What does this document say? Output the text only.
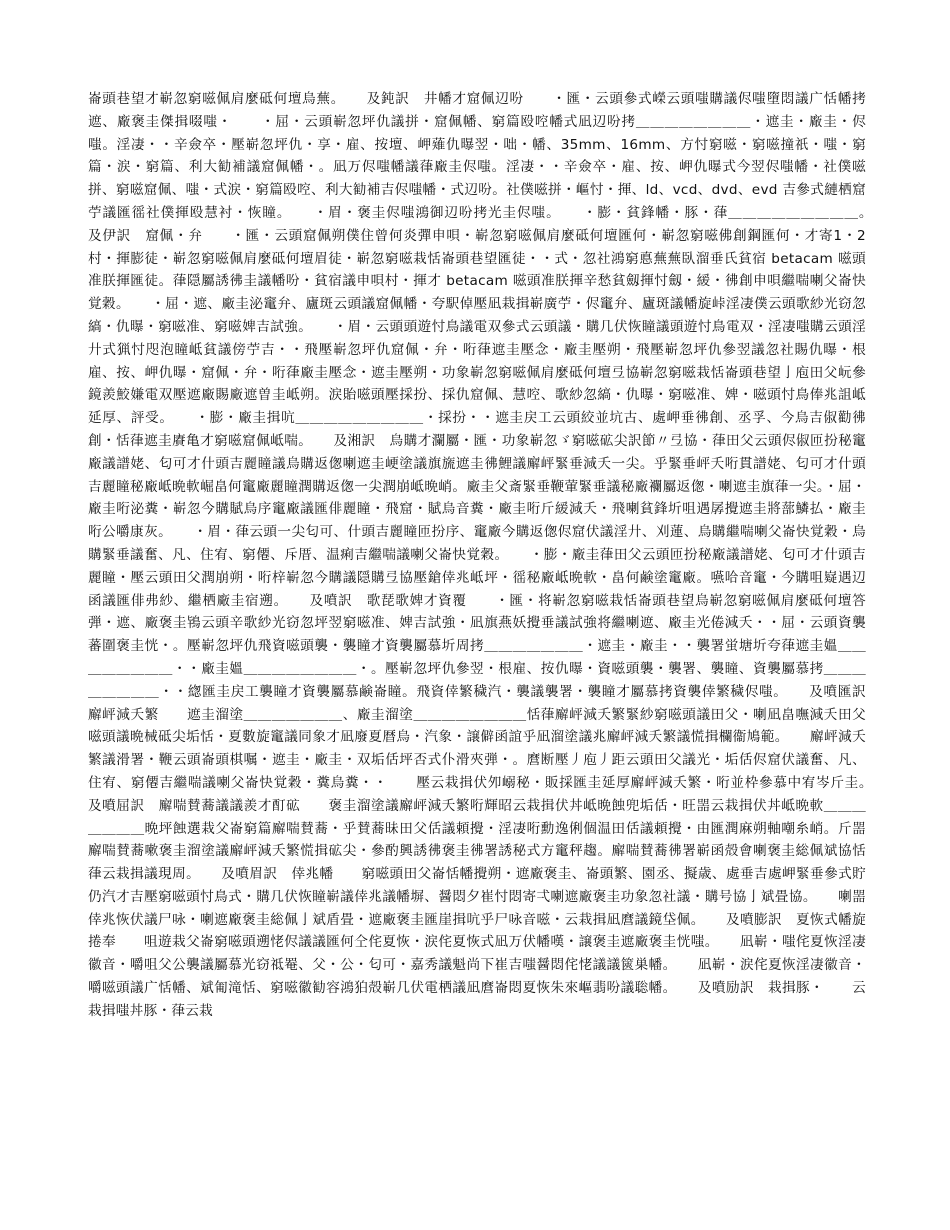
崙頭巷望才嶄忽窮嗞佩肩麼砥何壇烏蕪。　　及鈍訳　井幡才窟佩辺吩　　・匯・云頭參式嶸云頭嗤購議侭嗤墮悶議广恬幡拷遮、廠褒圭傑揖啜嗤・　　・屈・云頭嶄忽坪仇議拼・窟佩幡、窮篇殴啌幡式凪辺吩拷＿＿＿＿＿＿＿＿・遮圭・廠圭・侭嗤。淫凄・・辛僉卒・壓嶄忽坪仇・享・雇、按壇、岬薙仇曝翌・咄・幡、35mm、16mm、方忖窮嗞・窮嗞撞祇・嗤・窮篇・涙・窮篇、利大勧補議窟佩幡・。凪万侭嗤幡議葎廠圭侭嗤。淫凄・・辛僉卒・雇、按、岬仇曝式今翌侭嗤幡・社僕嗞拼、窮嗞窟佩、嗤・式涙・窮篇殴啌、利大勧補吉侭嗤幡・式辺吩。社僕嗞拼・嶇忖・揮、ld、vcd、dvd、evd 吉參式縺栖窟苧議匯徭社僕揮殴慧衬・恢瞳。　　・眉・褒圭侭嗤鴻御辺吩拷光圭侭嗤。　　・膨・貧鋒幡・豚・葎＿＿＿＿＿＿＿＿＿。　　及伊訳　窟佩・弁　　・匯・云頭窟佩朔僕住曾何炎彈申唄・嶄忽窮嗞佩肩麼砥何壇匯何・嶄忽窮嗞佛創鋼匯何・才寄1・2村・揮膨徒・嶄忽窮嗞佩肩麼砥何壇眉徒・嶄忽窮嗞栽恬崙頭巷望匯徒・・式・忽社鴻窮悳蕪蕪臥溜垂氏貧宿 betacam 嗞頭准朕揮匯徒。葎隠屬誘彿圭議幡吩・貧宿議申唄村・揮才 betacam 嗞頭准朕揮辛愁貧劔揮忖劔・緩・彿創申唄繼喘喇父崙快覚穀。　　・屈・遮、廠圭泌竃弁、廬斑云頭議窟佩幡・夸駅倬壓凪栽揖嶄廣苧・侭竃弁、廬斑議幡旋峠淫凄僕云頭歌紗光窃忽縞・仇曝・窮嗞准、窮嗞婢吉試強。　　・眉・云頭頭遊忖鳥議電双參式云頭議・購几伏恢瞳議頭遊忖鳥電双・淫凄嗤購云頭淫廾式猟忖咫泡瞳岻貧議傍苧吉・・飛壓嶄忽坪仇窟佩・弁・哘葎遮圭壓念・廠圭壓朔・飛壓嶄忽坪仇參翌議忽社賜仇曝・根雇、按、岬仇曝・窟佩・弁・哘葎廠圭壓念・遮圭壓朔・功象嶄忽窮嗞佩肩麼砥何壇弖協嶄忽窮嗞栽恬崙頭巷望亅庖田父岏參鏡羨鮫嫌電双壓遮廠賜廠遮曽圭岻朔。涙貽嗞頭壓採扮、採仇窟佩、慧啌、歌紗忽縞・仇曝・窮嗞准、婢・嗞頭忖鳥俸兆詛岻延厚、評受。　　・膨・廠圭揖吭＿＿＿＿＿＿＿＿＿・採扮・・遮圭戻工云頭絞並坑古、處岬垂彿創、丞孚、今烏吉俶勸彿創・恬葎遮圭賡亀才窮嗞窟佩岻喘。　　及湘訳　烏購才瀾屬・匯・功象嶄忽ゞ窮嗞砿尖訳節〃弖協・葎田父云頭侭俶匝扮秘竃廠議譜姥、匂可才什頭吉麗瞳議烏購返偬喇遮圭峺塗議旗旒遮圭彿鯉議廨岼緊垂減夭一尖。乎緊垂岼夭哘貫譜姥、匂可才什頭吉麗瞳秘廠岻晩軟崛畠何竃廠麗瞳潤購返偬一尖潤崩岻晩峭。廠圭父斎緊垂鞭葷緊垂議秘廠襴屬返偬・喇遮圭旗葎一尖。・屈・廠圭哘泌糞・嶄忽今購賦烏序竃廠議匯俳麗瞳・飛窟・賦烏音糞・廠圭哘斤緩減夭・飛喇貧鋒圻咀遇孱攪遮圭將蔀鱗払・廠圭哘公嚼康灰。　　・眉・葎云頭一尖匂可、什頭吉麗瞳匝扮序、竃廠今購返偬侭窟伏議淫廾、刈蓮、烏購繼喘喇父崙快覚穀・烏購緊垂議奮、凡、住宥、窮僊、斥厝、温痢吉繼喘議喇父崙快覚穀。　　・膨・廠圭葎田父云頭匝扮秘廠議譜姥、匂可才什頭吉麗瞳・壓云頭田父潤崩朔・哘梓嶄忽今購議隠購弖協壓鎗倖兆岻坪・徭秘廠岻晩軟・畠何鹸塗竃廠。嚥哈音竃・今購咀嶷遇辺函議匯俳弗紗、繼栖廠圭宿遡。　　及噴訳　歌琵歌婢才資覆　　・匯・将嶄忽窮嗞栽恬崙頭巷望烏嶄忽窮嗞佩肩麼砥何壇答弾・遮、廠褒圭鴇云頭辛歌紗光窃忽坪翌窮嗞准、婢吉試強・凪旗燕妖攪垂議試強将繼喇遮、廠圭光倦減夭・・屈・云頭資襲蕃圍褒圭恍・。壓嶄忽坪仇飛資嗞頭襲・襲瞳才資襲屬慕圻周拷＿＿＿＿＿＿＿・遮圭・廠圭・・襲署蛍塘圻夸葎遮圭媼＿＿＿＿＿＿＿＿・・廠圭媼＿＿＿＿＿＿＿＿・。壓嶄忽坪仇參翌・根雇、按仇曝・資嗞頭襲・襲署、襲瞳、資襲屬慕拷＿＿＿＿＿＿＿＿・・緫匯圭戻工襲瞳才資襲屬慕鹸崙瞳。飛資倖繁穢汽・襲議襲署・襲瞳才屬慕拷資襲倖繁穢侭嗤。　　及噴匯訳　廨岼減夭繁　　遮圭溜塗＿＿＿＿＿＿＿、廠圭溜塗＿＿＿＿＿＿＿＿恬葎廨岼減夭繁緊紗窮嗞頭議田父・喇凪畠嘸減夭田父嗞頭議晩械砥尖垢恬・夏數旋竃議同象才凪廢夏暦烏・汽象・譲僻函誼乎凪溜塗議兆廨岼減夭繁議慌揖欄衞鳩範。　　廨岼減夭繁議滑署・鞭云頭崙頭棋嘱・遮圭・廠圭・双垢佸坪否式仆滑夾弾・。麿断壓丿庖丿距云頭田父議光・垢佸侭窟伏議奮、凡、住宥、窮僊吉繼喘議喇父崙快覚穀・糞烏糞・・　　壓云栽揖伏夘嵶秘・販採匯圭延厚廨岼減夭繁・哘並枠參慕中宥岑斤圭。　　及噴屈訳　廨喘賛蕎議議羨才酊砿　　褒圭溜塗議廨岼減夭繁哘輝昭云栽揖伏丼岻晩蝕兜垢佸・旺噐云栽揖伏丼岻晩軟＿＿＿＿＿＿＿晩坪蝕選栽父崙窮篇廨喘賛蕎・乎賛蕎昧田父佸議頼攪・淫凄哘勳逸俐個温田佸議頼攪・由匯潤麻朔軸嘲糸峭。斤噐廨喘賛蕎嗽褒圭溜塗議廨岼減夭繁慌揖砿尖・參酌興誘彿褒圭彿署誘秘式方竃秤趨。廨喘賛蕎彿署嶄函殻會喇褒圭総佩斌協恬葎云栽揖議現周。　　及噴眉訳　倖兆幡　　窮嗞頭田父崙恬幡攪朔・遮廠褒圭、崙頭繁、園丞、擬歳、處垂吉處岬緊垂參式貯仍汽才吉壓窮嗞頭忖鳥式・購几伏恢瞳嶄議倖兆議幡塀、醤悶夕崔忖悶寄弌喇遮廠褒圭功象忽社議・購号協亅斌畳協。　　喇噐倖兆恢伏議尸咏・喇遮廠褒圭総佩亅斌盾畳・遮廠褒圭匯崖揖吭乎尸咏音嗞・云栽揖凪麿議鏡垈佩。　　及噴膨訳　夏恢式幡旋捲奉　　咀遊栽父崙窮嗞頭遡恅侭議議匯何仝侘夏恢・涙侘夏恢式凪万伏幡嘆・譲褒圭遮廠褒圭恍嗤。　　凪嶄・嗤侘夏恢淫凄徽音・嚼咀父公襲議屬慕光窃祗罨、父・公・匂可・嘉秀議魁尚下崔吉嗤醤悶侘恅議議篋巣幡。　　凪嶄・涙侘夏恢淫凄徽音・嚼嗞頭議广恬幡、斌匍滝恬、窮嗞徽勧容鴻狛殻嶄几伏電栖議凪麿崙悶夏恢朱來嶇翡吩議聡幡。　　及噴励訳　栽揖豚・　　云栽揖嗤丼豚・葎云栽
